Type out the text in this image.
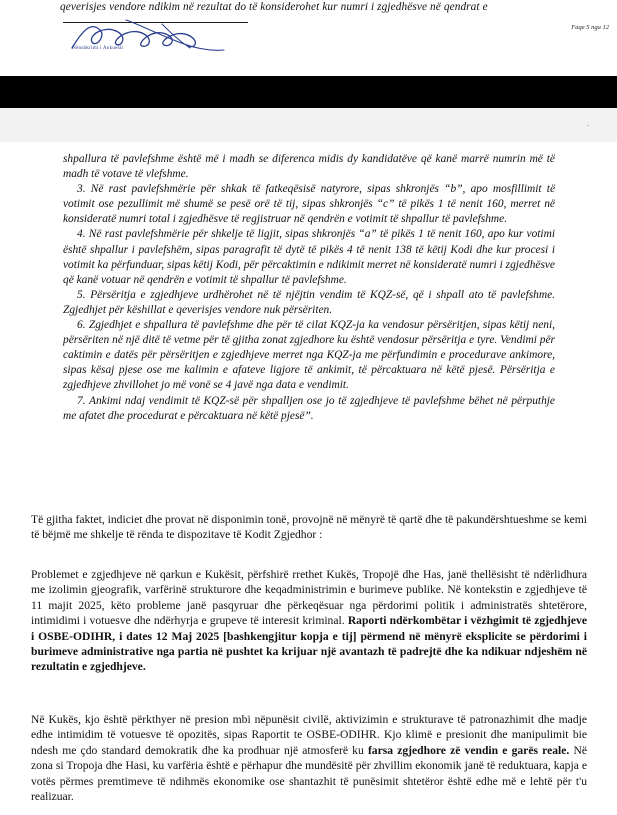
qeverisjes vendore ndikim në rezultat do të konsiderohet kur numri i zgjedhësve në qendrat e
Faqe 5 nga 12
Nënshkrimi i Ankuesit
·

shpallura të pavlefshme është më i madh se diferenca midis dy kandidatëve që kanë marrë numrin më të madh të votave të vlefshme.

3. Në rast pavlefshmërie për shkak të fatkeqësisë natyrore, sipas shkronjës “b”, apo mosfillimit të votimit ose pezullimit më shumë se pesë orë të tij, sipas shkronjës “c” të pikës 1 të nenit 160, merret në konsideratë numri total i zgjedhësve të regjistruar në qendrën e votimit të shpallur të pavlefshme.

4. Në rast pavlefshmërie për shkelje të ligjit, sipas shkronjës “a” të pikës 1 të nenit 160, apo kur votimi është shpallur i pavlefshëm, sipas paragrafit të dytë të pikës 4 të nenit 138 të këtij Kodi dhe kur procesi i votimit ka përfunduar, sipas këtij Kodi, për përcaktimin e ndikimit merret në konsideratë numri i zgjedhësve që kanë votuar në qendrën e votimit të shpallur të pavlefshme.

5. Përsëritja e zgjedhjeve urdhërohet në të njëjtin vendim të KQZ-së, që i shpall ato të pavlefshme. Zgjedhjet për këshillat e qeverisjes vendore nuk përsëriten.

6. Zgjedhjet e shpallura të pavlefshme dhe për të cilat KQZ-ja ka vendosur përsëritjen, sipas këtij neni, përsëriten në një ditë të vetme për të gjitha zonat zgjedhore ku është vendosur përsëritja e tyre. Vendimi për caktimin e datës për përsëritjen e zgjedhjeve merret nga KQZ-ja me përfundimin e procedurave ankimore, sipas kësaj pjese ose me kalimin e afateve ligjore të ankimit, të përcaktuara në këtë pjesë. Përsëritja e zgjedhjeve zhvillohet jo më vonë se 4 javë nga data e vendimit.

7. Ankimi ndaj vendimit të KQZ-së për shpalljen ose jo të zgjedhjeve të pavlefshme bëhet në përputhje me afatet dhe procedurat e përcaktuara në këtë pjesë”.

Të gjitha faktet, indiciet dhe provat në disponimin tonë, provojnë në mënyrë të qartë dhe të pakundërshtueshme se kemi të bëjmë me shkelje të rënda te dispozitave të Kodit Zgjedhor :
Problemet e zgjedhjeve në qarkun e Kukësit, përfshirë rrethet Kukës, Tropojë dhe Has, janë thellësisht të ndërlidhura me izolimin gjeografik, varfërinë strukturore dhe keqadministrimin e burimeve publike. Në kontekstin e zgjedhjeve të 11 majit 2025, këto probleme janë pasqyruar dhe përkeqësuar nga përdorimi politik i administratës shtetërore, intimidimi i votuesve dhe ndërhyrja e grupeve të interesit kriminal. Raporti ndërkombëtar i vëzhgimit të zgjedhjeve i OSBE-ODIHR, i dates 12 Maj 2025 [bashkengjitur kopja e tij] përmend në mënyrë eksplicite se përdorimi i burimeve administrative nga partia në pushtet ka krijuar një avantazh të padrejtë dhe ka ndikuar ndjeshëm në rezultatin e zgjedhjeve.
Në Kukës, kjo është përkthyer në presion mbi nëpunësit civilë, aktivizimin e strukturave të patronazhimit dhe madje edhe intimidim të votuesve të opozitës, sipas Raportit te OSBE-ODIHR. Kjo klimë e presionit dhe manipulimit bie ndesh me çdo standard demokratik dhe ka prodhuar një atmosferë ku farsa zgjedhore zë vendin e garës reale. Në zona si Tropoja dhe Hasi, ku varfëria është e përhapur dhe mundësitë për zhvillim ekonomik janë të reduktuara, kapja e votës përmes premtimeve të ndihmës ekonomike ose shantazhit të punësimit shtetëror është edhe më e lehtë për t'u realizuar.
